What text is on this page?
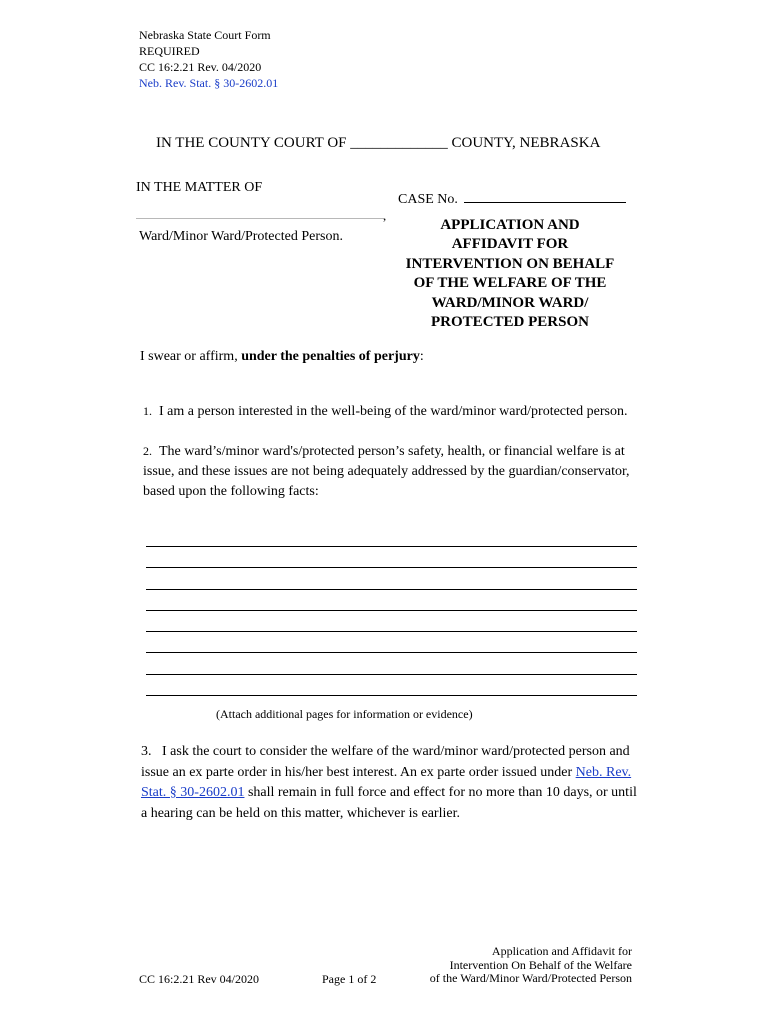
Nebraska State Court Form
REQUIRED
CC 16:2.21 Rev. 04/2020
Neb. Rev. Stat. § 30-2602.01
IN THE COUNTY COURT OF _____________ COUNTY, NEBRASKA
IN THE MATTER OF
,
Ward/Minor Ward/Protected Person.
CASE No.
APPLICATION AND
AFFIDAVIT FOR
INTERVENTION ON BEHALF
OF THE WELFARE OF THE
WARD/MINOR WARD/
PROTECTED PERSON
I swear or affirm, under the penalties of perjury:
1. I am a person interested in the well-being of the ward/minor ward/protected person.
2. The ward’s/minor ward's/protected person’s safety, health, or financial welfare is at issue, and these issues are not being adequately addressed by the guardian/conservator, based upon the following facts:
(Attach additional pages for information or evidence)
3. I ask the court to consider the welfare of the ward/minor ward/protected person and issue an ex parte order in his/her best interest. An ex parte order issued under Neb. Rev. Stat. § 30-2602.01 shall remain in full force and effect for no more than 10 days, or until a hearing can be held on this matter, whichever is earlier.
CC 16:2.21 Rev 04/2020	Page 1 of 2
Application and Affidavit for
Intervention On Behalf of the Welfare
of the Ward/Minor Ward/Protected Person
